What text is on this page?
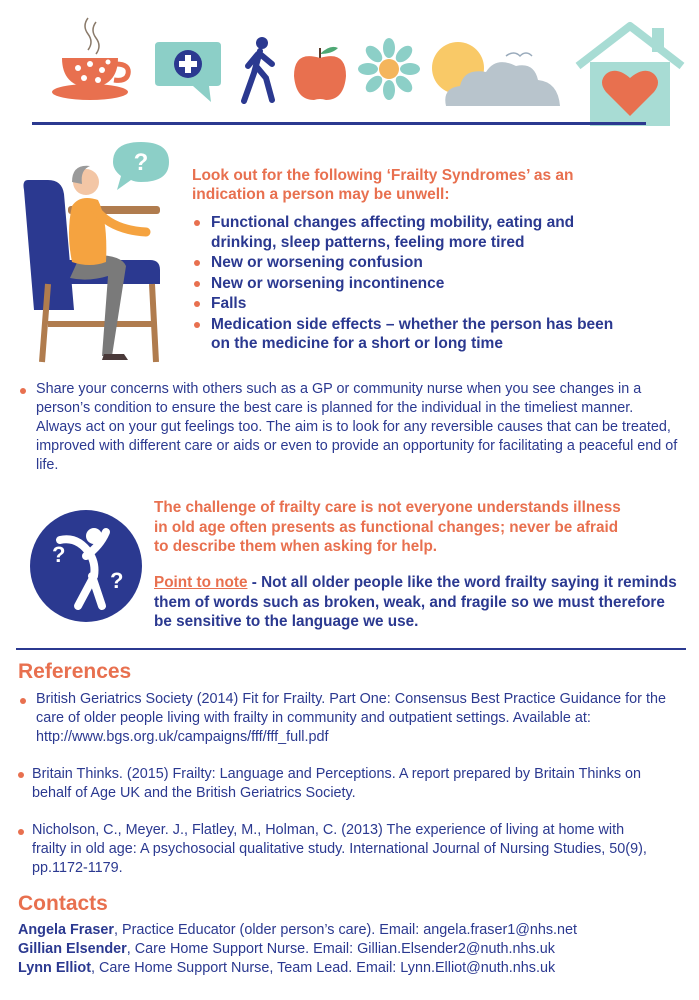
?	Look out for the following ‘Frailty Syndromes’ as an indication a person may be unwell:
Functional changes affecting mobility, eating and drinking, sleep patterns, feeling more tired
New or worsening confusion
New or worsening incontinence
Falls
Medication side effects – whether the person has been on the medicine for a short or long time
Share your concerns with others such as a GP or community nurse when you see changes in a person’s condition to ensure the best care is planned for the individual in the timeliest manner. Always act on your gut feelings too. The aim is to look for any reversible causes that can be treated, improved with different care or aids or even to provide an opportunity for facilitating a peaceful end of life.
?
?
The challenge of frailty care is not everyone understands illness in old age often presents as functional changes; never be afraid to describe them when asking for help.
Point to note - Not all older people like the word frailty saying it reminds them of words such as broken, weak, and fragile so we must therefore be sensitive to the language we use.
References
British Geriatrics Society (2014) Fit for Frailty. Part One: Consensus Best Practice Guidance for the care of older people living with frailty in community and outpatient settings. Available at: http://www.bgs.org.uk/campaigns/fff/fff_full.pdf
Britain Thinks. (2015) Frailty: Language and Perceptions. A report prepared by Britain Thinks on behalf of Age UK and the British Geriatrics Society.
Nicholson, C., Meyer. J., Flatley, M., Holman, C. (2013) The experience of living at home with frailty in old age: A psychosocial qualitative study. International Journal of Nursing Studies, 50(9), pp.1172-1179.
Contacts
Angela Fraser, Practice Educator (older person’s care). Email: angela.fraser1@nhs.net
Gillian Elsender, Care Home Support Nurse. Email: Gillian.Elsender2@nuth.nhs.uk
Lynn Elliot, Care Home Support Nurse, Team Lead. Email: Lynn.Elliot@nuth.nhs.uk
